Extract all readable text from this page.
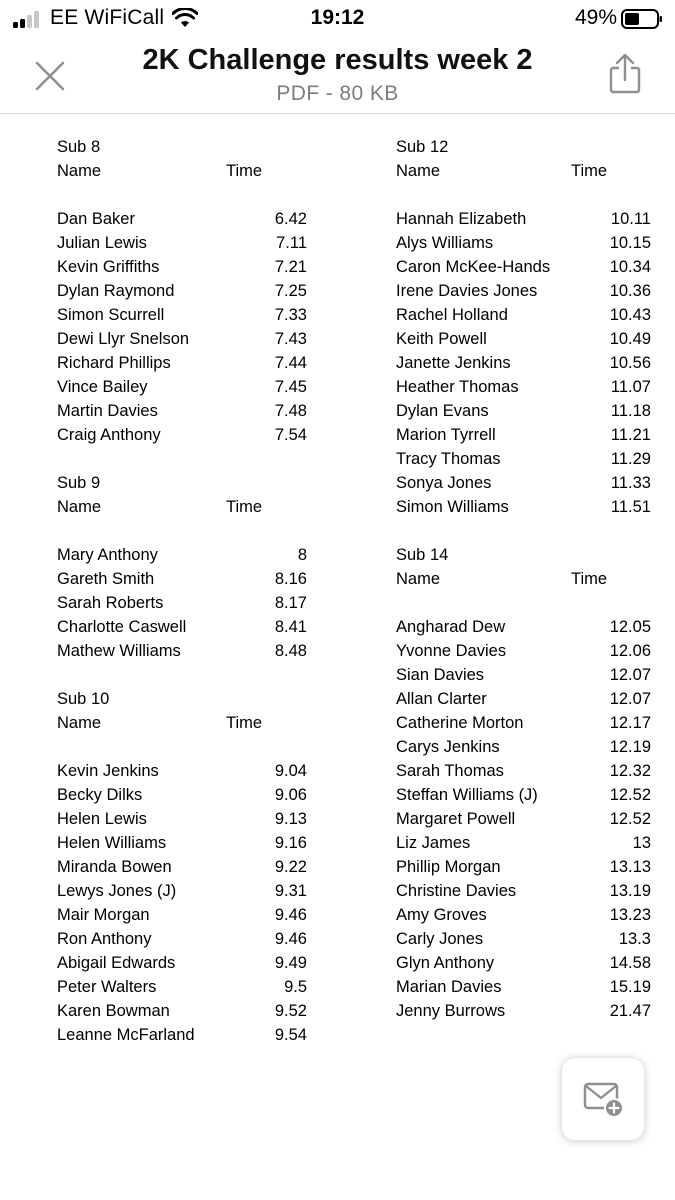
EE WiFiCall	19:12	49%
2K Challenge results week 2
PDF - 80 KB
Sub 8
Name	Time
Dan Baker	6.42
Julian Lewis	7.11
Kevin Griffiths	7.21
Dylan Raymond	7.25
Simon Scurrell	7.33
Dewi Llyr Snelson	7.43
Richard Phillips	7.44
Vince Bailey	7.45
Martin Davies	7.48
Craig Anthony	7.54
Sub 9
Name	Time
Mary Anthony	8
Gareth Smith	8.16
Sarah Roberts	8.17
Charlotte Caswell	8.41
Mathew Williams	8.48
Sub 10
Name	Time
Kevin Jenkins	9.04
Becky Dilks	9.06
Helen Lewis	9.13
Helen Williams	9.16
Miranda Bowen	9.22
Lewys Jones (J)	9.31
Mair Morgan	9.46
Ron Anthony	9.46
Abigail Edwards	9.49
Peter Walters	9.5
Karen Bowman	9.52
Leanne McFarland	9.54
Sub 12
Name	Time
Hannah Elizabeth	10.11
Alys Williams	10.15
Caron McKee-Hands	10.34
Irene Davies Jones	10.36
Rachel Holland	10.43
Keith Powell	10.49
Janette Jenkins	10.56
Heather Thomas	11.07
Dylan Evans	11.18
Marion Tyrrell	11.21
Tracy Thomas	11.29
Sonya Jones	11.33
Simon Williams	11.51
Sub 14
Name	Time
Angharad Dew	12.05
Yvonne Davies	12.06
Sian Davies	12.07
Allan Clarter	12.07
Catherine Morton	12.17
Carys Jenkins	12.19
Sarah Thomas	12.32
Steffan Williams (J)	12.52
Margaret Powell	12.52
Liz James	13
Phillip Morgan	13.13
Christine Davies	13.19
Amy Groves	13.23
Carly Jones	13.3
Glyn Anthony	14.58
Marian Davies	15.19
Jenny Burrows	21.47
